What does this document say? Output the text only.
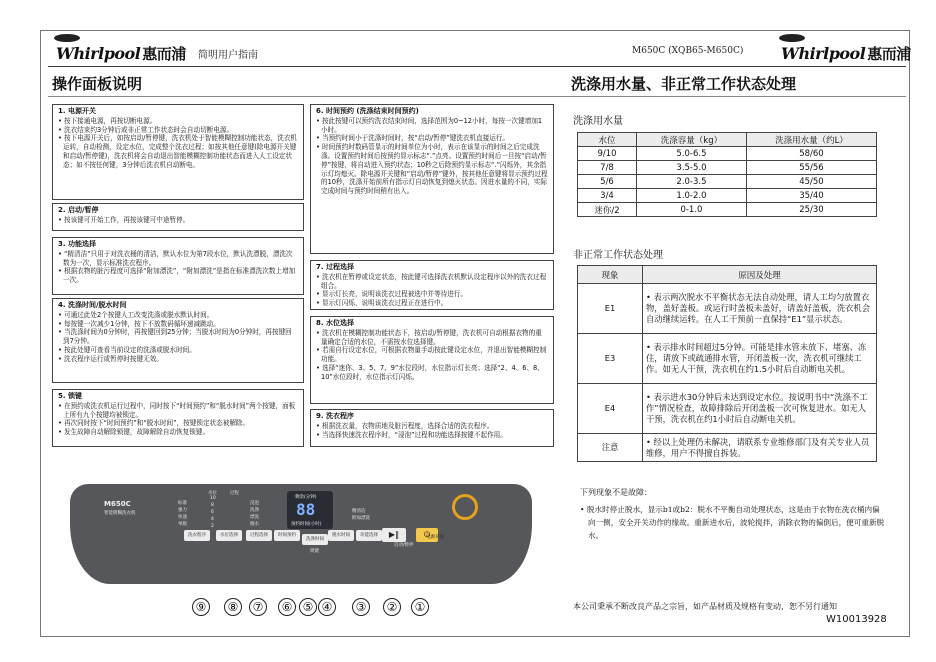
Whirlpool 惠而浦 简明用户指南	M650C (XQB65-M650C) Whirlpool 惠而浦
操作面板说明	洗涤用水量、非正常工作状态处理
1. 电源开关
• 按下接通电源，再按切断电源。
• 洗衣结束约3分钟后或非正常工作状态时会自动切断电源。
• 按下电源开关后，如按启动/暂停键，洗衣机处于智能模糊控制功能状态，洗衣机运转，自动检测，设定水位，完成整个洗衣过程；如按其他任意键(除电源开关键和启动/暂停键)，洗衣机将会自动退出智能模糊控制功能状态而进入人工设定状态；如不按任何键，3分钟后洗衣机自动断电。
2. 启动/暂停
• 按该键可开始工作，再按该键可中途暂停。
3. 功能选择
• “精清洁”只用于对洗衣桶的清洁，默认水位为第7段水位，默认洗漂脱，漂洗次数为一次，显示标准洗衣程序。
• 根据衣物的脏污程度可选择“附加漂洗”，“附加漂洗”是指在标准漂洗次数上增加一次。
4. 洗涤时间/脱水时间
• 可通过此处2个按键人工改变洗涤或脱水默认时间。
• 每按键一次减少1分钟，按下不放数码循环递减跳动。
• 当洗涤时间为0分钟时，再按键回到25分钟；当脱水时间为0分钟时，再按键回到7分钟。
• 按此处键可查看当前设定的洗涤或脱水时间。
• 洗衣程序运行或暂停时按键无效。
5. 锁键
• 在预约或洗衣机运行过程中，同时按下“时间预约”和“脱水时间”两个按键，面板上所有九个按键均被锁定。
• 再次同时按下“时间预约”和“脱水时间”，按键锁定状态被解除。
• 发生故障自动解除锁键，故障解除自动恢复锁键。
6. 时间预约 (洗涤结束时间预约)
• 按此按键可以预约洗衣结束时间，选择范围为0~12小时，每按一次键增加1小时。
• 当预约时间小于洗涤时间时，按“启动/暂停”键洗衣机直接运行。
• 时间预约时数码管显示的时间单位为小时，表示在该显示的时间之后完成洗涤。设置预约时间后按预约显示标志“.”点亮。设置预约时间后一旦按“启动/暂停”按键，将自动进入预约状态；10秒之后除预约显示标志“.”闪烁外，其余指示灯均熄灭。除电源开关键和“启动/暂停”键外，按其他任意键将显示预约过程的10秒，洗涤开始前所有指示灯自动恢复到熄灭状态。因进水量的不同，实际完成时间与预约时间稍有出入。
7. 过程选择
• 洗衣机在暂停或设定状态，按此键可选择洗衣机默认设定程序以外的洗衣过程组合。
• 显示灯长亮，说明该洗衣过程被选中并等待进行。
• 显示灯闪烁，说明该洗衣过程正在进行中。
8. 水位选择
• 洗衣机在模糊控制功能状态下，按启动/暂停键，洗衣机可自动根据衣物的重量确定合适的水位，不需按水位选择键。
• 若需自行设定水位，可根据衣物量手动按此键设定水位，并退出智能模糊控制功能。
• 选择“迷你、3、5、7、9”水位段时，水位指示灯长亮；选择“2、4、6、8、10”水位段时，水位指示灯闪烁。
9. 洗衣程序
• 根据洗衣量，衣物质地及脏污程度，选择合适的洗衣程序。
• 当选择快速洗衣程序时，“浸泡”过程和功能选择按键不起作用。
M650C
智能模糊洗衣机
水位	过程
标准
强力
快速
单脱
10
8
6
4
2
浸泡
洗涤
漂洗
脱水
剩余(分钟)
88
预约时间(小时)
精清洁
附加漂洗
洗衣程序	水位选择	过程选择	时间预约
洗涤时间
脱水时间	功能选择
锁键
▶‖
启动/暂停
⏻
电源开关
⑨	⑧	⑦	⑥ ⑤ ④	③	②	①
洗涤用水量
水位	洗涤容量（kg）	洗涤用水量（约L）
9/10	5.0-6.5	58/60
7/8	3.5-5.0	55/56
5/6	2.0-3.5	45/50
3/4	1.0-2.0	35/40
迷你/2	0-1.0	25/30
非正常工作状态处理
现象	原因及处理
E1	• 表示两次脱水不平衡状态无法自动处理，请人工均匀放置衣物，盖好盖板。或运行时盖板未盖好，请盖好盖板，洗衣机会自动继续运转。在人工干预前一直保持“E1”显示状态。
E3	• 表示排水时间超过5分钟。可能是排水管未放下、堵塞、冻住，请放下或疏通排水管，开闭盖板一次，洗衣机可继续工作。如无人干预，洗衣机在约1.5小时后自动断电关机。
E4	• 表示进水30分钟后未达到设定水位。按说明书中“洗涤不工作”情况检查，故障排除后开闭盖板一次可恢复进水。如无人干预，洗衣机在约1小时后自动断电关机。
注意	• 经以上处理仍未解决，请联系专业维修部门及有关专业人员维修，用户不得擅自拆装。
下列现象不是故障：
• 脱水时停止脱水，显示b1或b2：脱水不平衡自动处理状态，这是由于衣物在洗衣桶内偏向一侧，安全开关动作的缘故。重新进水后，波轮搅拌，消除衣物的偏倒后，便可重新脱水。
本公司秉承不断改良产品之宗旨，如产品材质及规格有变动，恕不另行通知
W10013928
